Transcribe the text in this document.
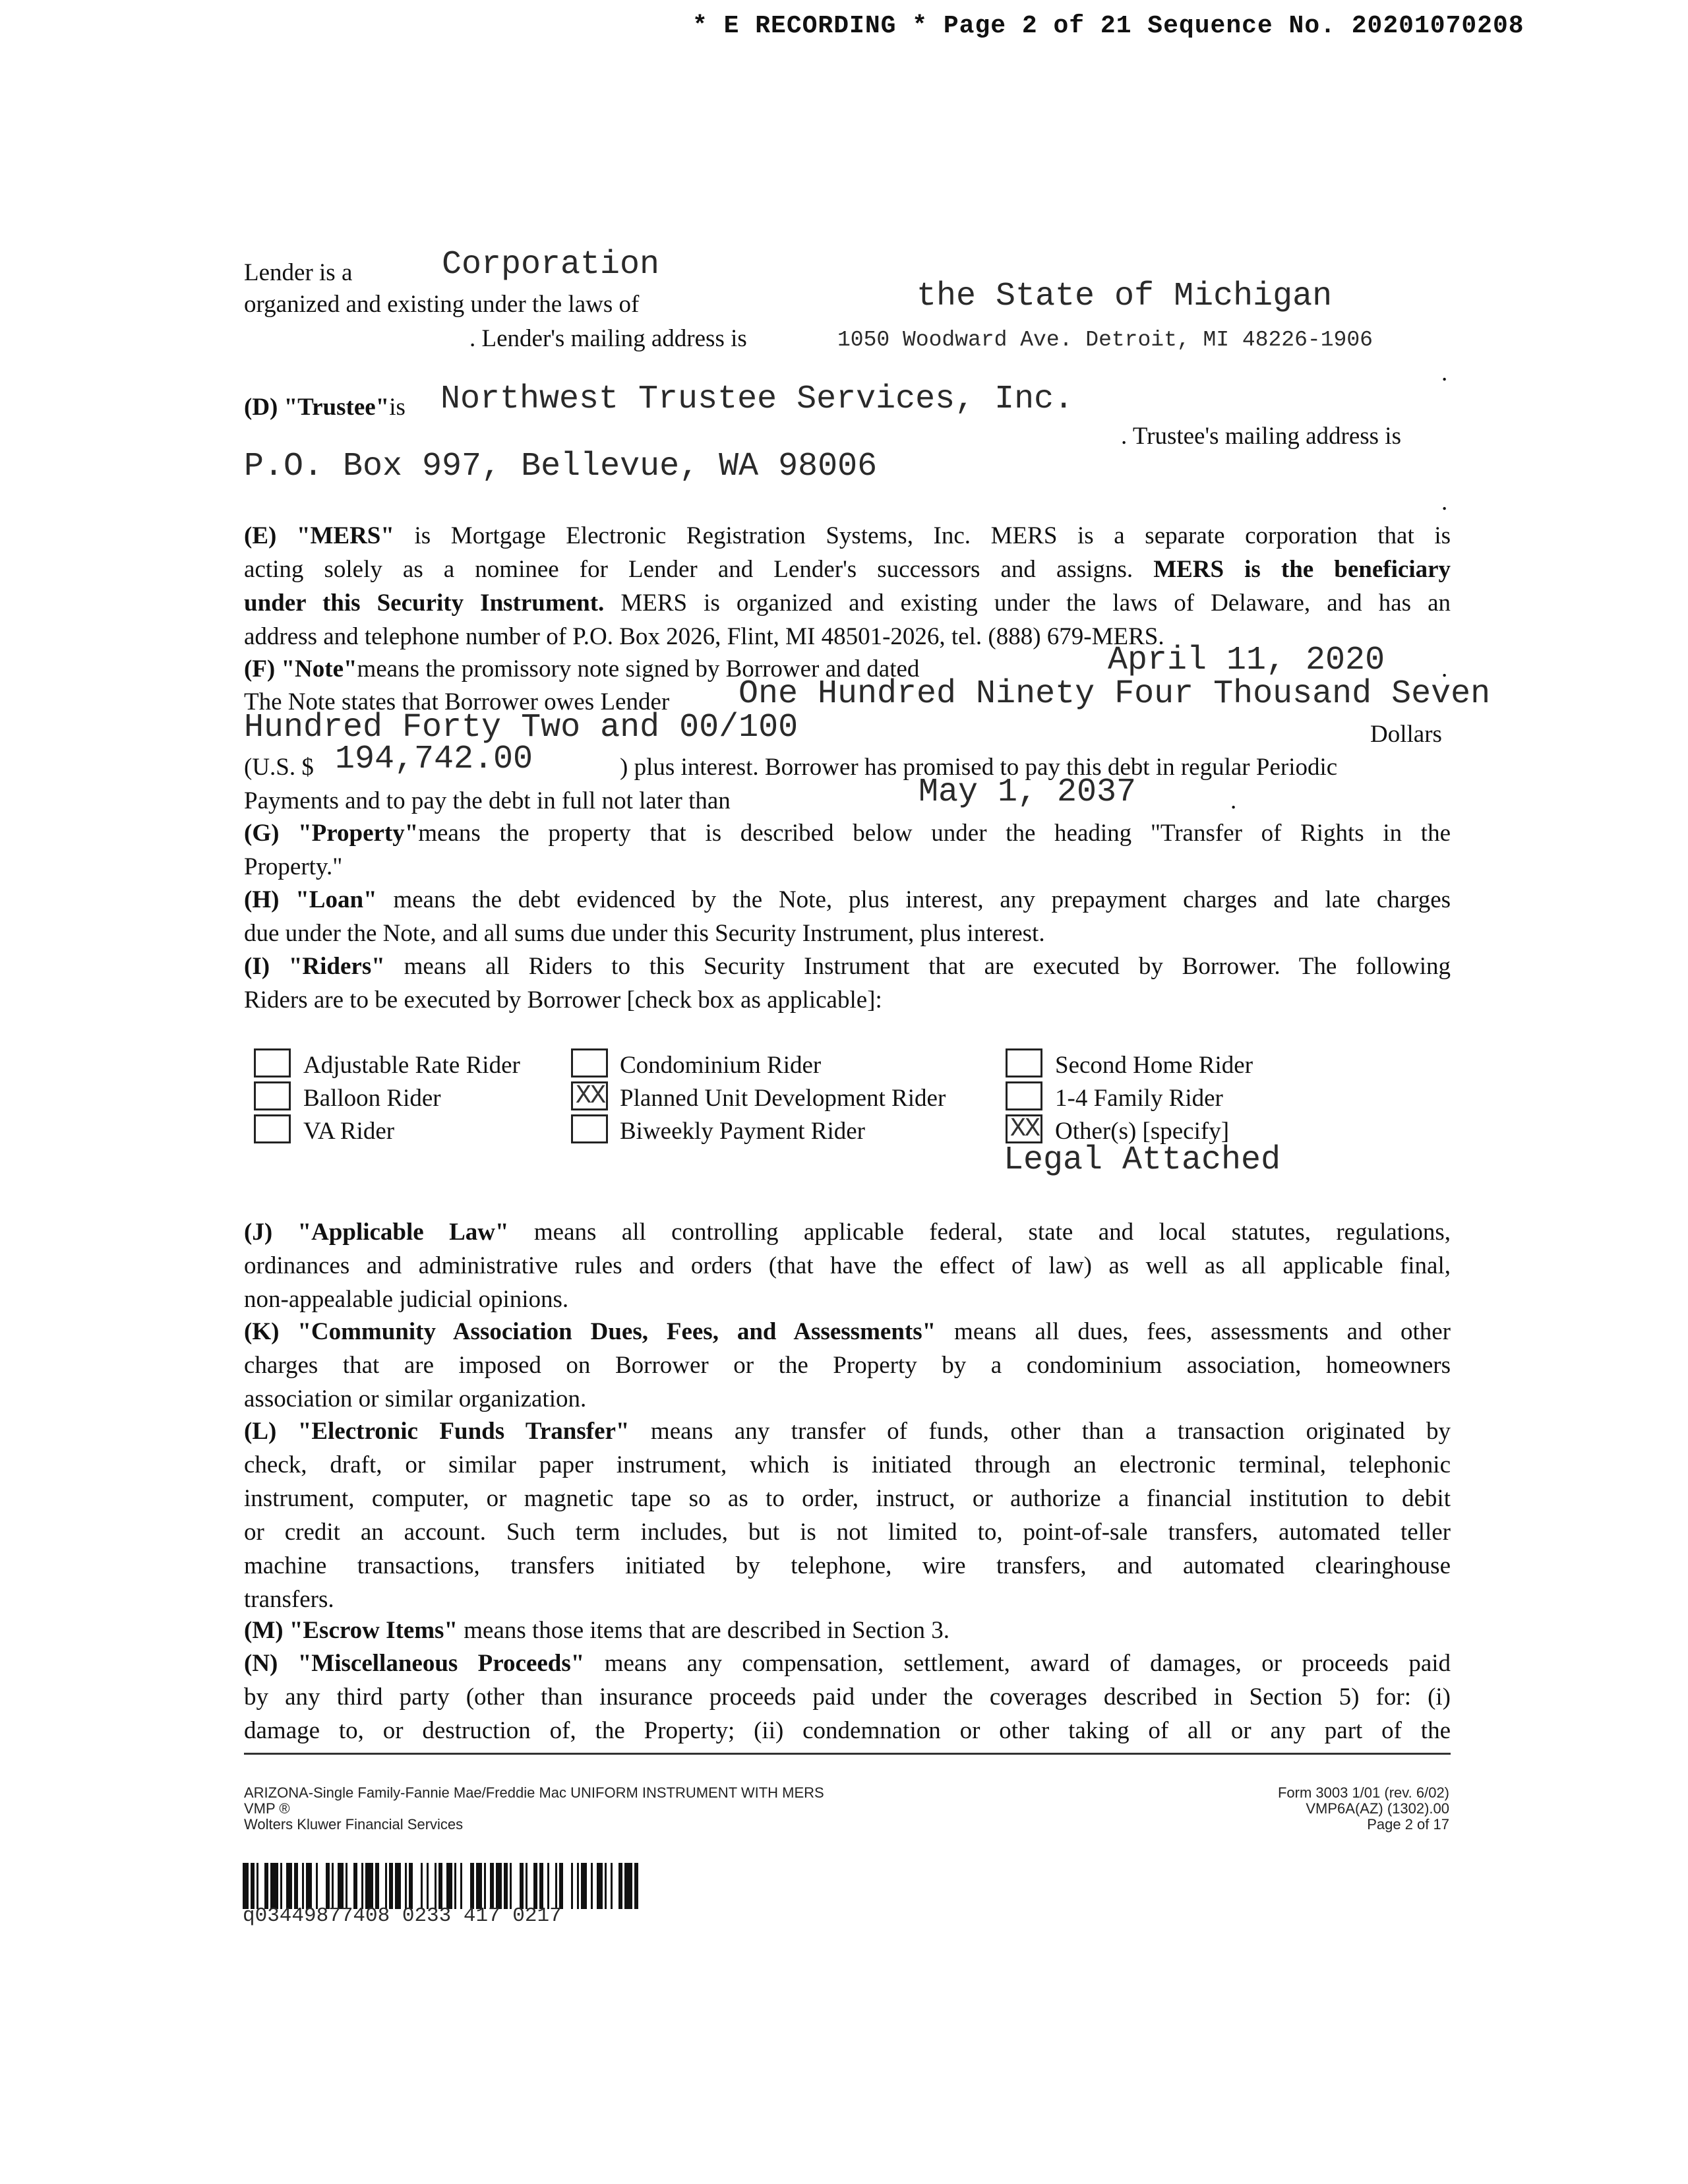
* E RECORDING * Page 2 of 21 Sequence No. 20201070208
Lender is a	Corporation
organized and existing under the laws of	the State of Michigan
. Lender's mailing address is	1050 Woodward Ave. Detroit, MI 48226-1906
.
(D) "Trustee"is Northwest Trustee Services, Inc.
. Trustee's mailing address is
P.O. Box 997, Bellevue, WA 98006
.
(E) "MERS" is Mortgage Electronic Registration Systems, Inc. MERS is a separate corporation that is
acting solely as a nominee for Lender and Lender's successors and assigns. MERS is the beneficiary
under this Security Instrument. MERS is organized and existing under the laws of Delaware, and has an
address and telephone number of P.O. Box 2026, Flint, MI 48501-2026, tel. (888) 679-MERS.
(F) "Note"means the promissory note signed by Borrower and dated	April 11, 2020 .
The Note states that Borrower owes Lender One Hundred Ninety Four Thousand Seven
Hundred Forty Two and 00/100	Dollars
(U.S. $ 194,742.00	) plus interest. Borrower has promised to pay this debt in regular Periodic
Payments and to pay the debt in full not later than	May 1, 2037	.
(G) "Property"means the property that is described below under the heading "Transfer of Rights in the
Property."
(H) "Loan" means the debt evidenced by the Note, plus interest, any prepayment charges and late charges
due under the Note, and all sums due under this Security Instrument, plus interest.
(I) "Riders" means all Riders to this Security Instrument that are executed by Borrower. The following
Riders are to be executed by Borrower [check box as applicable]:
Adjustable Rate Rider
Balloon Rider
VA Rider
Condominium Rider
XX Planned Unit Development Rider
Biweekly Payment Rider
Second Home Rider
1-4 Family Rider
XX Other(s) [specify]
Legal Attached
(J) "Applicable Law" means all controlling applicable federal, state and local statutes, regulations,
ordinances and administrative rules and orders (that have the effect of law) as well as all applicable final,
non-appealable judicial opinions.
(K) "Community Association Dues, Fees, and Assessments" means all dues, fees, assessments and other
charges that are imposed on Borrower or the Property by a condominium association, homeowners
association or similar organization.
(L) "Electronic Funds Transfer" means any transfer of funds, other than a transaction originated by
check, draft, or similar paper instrument, which is initiated through an electronic terminal, telephonic
instrument, computer, or magnetic tape so as to order, instruct, or authorize a financial institution to debit
or credit an account. Such term includes, but is not limited to, point-of-sale transfers, automated teller
machine transactions, transfers initiated by telephone, wire transfers, and automated clearinghouse
transfers.
(M) "Escrow Items" means those items that are described in Section 3.
(N) "Miscellaneous Proceeds" means any compensation, settlement, award of damages, or proceeds paid
by any third party (other than insurance proceeds paid under the coverages described in Section 5) for: (i)
damage to, or destruction of, the Property; (ii) condemnation or other taking of all or any part of the
ARIZONA-Single Family-Fannie Mae/Freddie Mac UNIFORM INSTRUMENT WITH MERS
VMP ®
Wolters Kluwer Financial Services
Form 3003 1/01 (rev. 6/02)
VMP6A(AZ) (1302).00
Page 2 of 17
q03449877408 0233 417 0217
